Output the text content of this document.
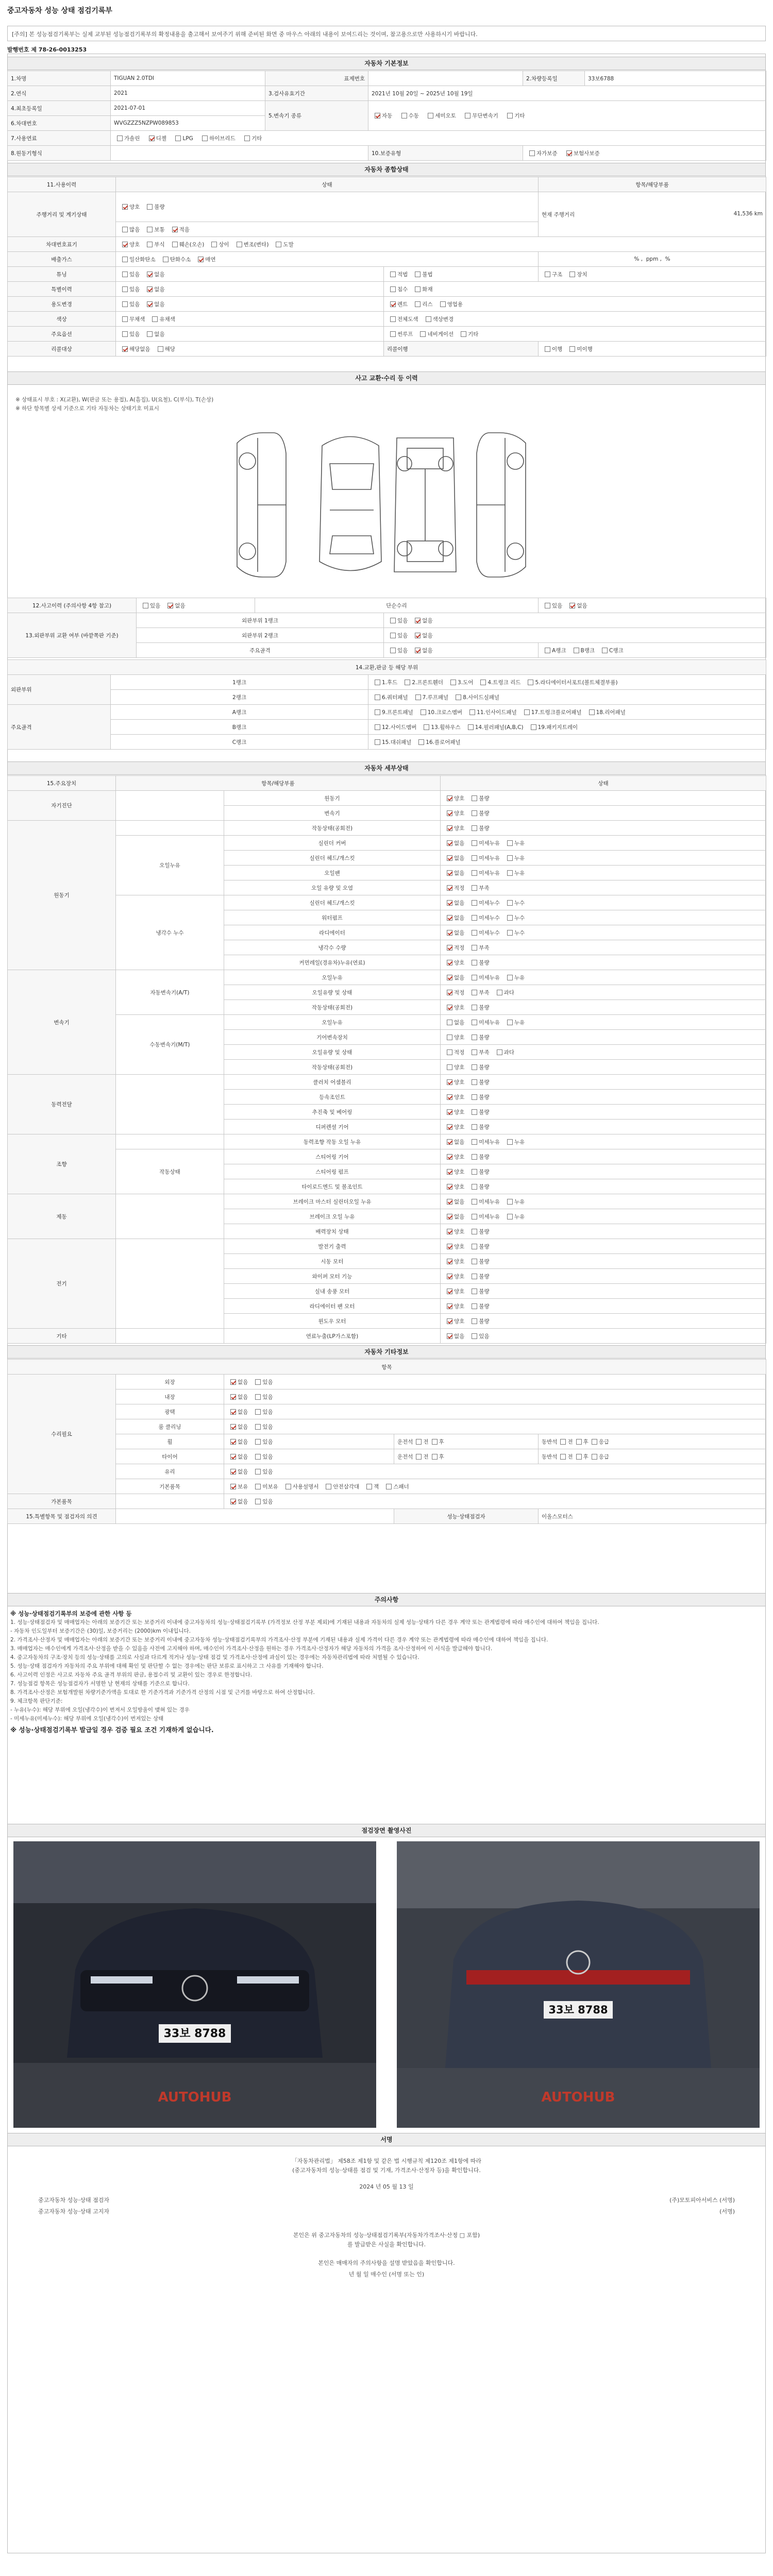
중고자동차 성능 상태 점검기록부
[주의] 본 성능점검기록부는 실제 교부된 성능점검기록부의 확정내용을 출고해서 보여주기 위해 준비된 화면 중 마우스 아래의 내용이 보여드리는 것이며, 참고용으로만 사용하시기 바랍니다.
발행번호 제 78-26-0013253
자동차 기본정보
1.차명	TIGUAN 2.0TDI	표제번호		2.차량등록일	33보6788
2.연식	2021	3.검사유효기간	2021년 10월 20일 ~ 2025년 10월 19일		
4.최초등록일	2021-07-01	5.변속기 종류	자동 수동 세미오토 무단변속기 기타		
6.차대번호	WVGZZZ5NZPW089853				
7.사용연료	가솔린 디젤 LPG 하이브리드 기타				
8.원동기형식			10.보증유형	자가보증 보험사보증	
자동차 종합상태
11.사용이력	상태		항목/해당부품
주행거리 및 계기상태	양호 불량		현재 주행거리 41,536 km

	많음 보통 적음		
차대번호표기	양호 부식 훼손(오손) 상이 변조(변타) 도말		
배출가스	일산화탄소 탄화수소 매연		% ,  ppm ,  %
튜닝	있음 없음	적법 불법	구조 장치
특별이력	있음 없음	침수 화재	
용도변경	있음 없음	렌트 리스 영업용	
색상	무채색 유채색	전체도색 색상변경	
주요옵션	있음 없음	썬루프 네비게이션 기타	
리콜대상	해당없음 해당	리콜이행	이행 미이행
사고 교환·수리 등 이력
※ 상태표시 부호 : X(교환), W(판금 또는 용접), A(흠집), U(요철), C(부식), T(손상)
※ 하단 항목별 상세 기준으로 기타 자동차는 상태기호 미표시
12.사고이력 (주의사항 4항 참고)	있음 없음	단순수리		있음 없음
13.외판부위 교환 여부 (바깥쪽판 기준)	외판부위 1랭크		있음 없음	
	외판부위 2랭크		있음 없음	
	주요골격		있음 없음	A랭크 B랭크 C랭크
14.교환,판금 등 해당 부위		
외판부위	1랭크	1.후드 2.프론트휀더 3.도어 4.트렁크 리드 5.라디에이터서포트(볼트체결부품)
	2랭크	6.쿼터패널 7.루프패널 8.사이드실패널
주요골격	A랭크	9.프론트패널 10.크로스멤버 11.인사이드패널 17.트렁크플로어패널 18.리어패널
	B랭크	12.사이드멤버 13.휠하우스 14.필러패널(A,B,C) 19.패키지트레이
	C랭크	15.대쉬패널 16.플로어패널
자동차 세부상태
15.주요장치	항목/해당부품		상태
자기진단		원동기	양호 불량
		변속기	양호 불량
원동기		작동상태(공회전)	양호 불량
	오일누유	실린더 커버	없음 미세누유 누유
		실린더 헤드/개스킷	없음 미세누유 누유
		오일팬	없음 미세누유 누유
		오일 유량 및 오염	적정 부족
	냉각수 누수	실린더 헤드/개스킷	없음 미세누수 누수
		워터펌프	없음 미세누수 누수
		라디에이터	없음 미세누수 누수
		냉각수 수량	적정 부족
		커먼레일(경유차)누유(연료)	양호 불량
변속기	자동변속기(A/T)	오일누유	없음 미세누유 누유
		오일유량 및 상태	적정 부족 과다
		작동상태(공회전)	양호 불량
	수동변속기(M/T)	오일누유	없음 미세누유 누유
		기어변속장치	양호 불량
		오일유량 및 상태	적정 부족 과다
		작동상태(공회전)	양호 불량
동력전달		클러치 어셈블리	양호 불량
		등속조인트	양호 불량
		추진축 및 베어링	양호 불량
		디퍼렌셜 기어	양호 불량
조향		동력조향 작동 오일 누유	없음 미세누유 누유
	작동상태	스티어링 기어	양호 불량
		스티어링 펌프	양호 불량
		타이로드엔드 및 볼조인트	양호 불량
제동		브레이크 마스터 실린더오일 누유	없음 미세누유 누유
		브레이크 오일 누유	없음 미세누유 누유
		배력장치 상태	양호 불량
전기		발전기 출력	양호 불량
		시동 모터	양호 불량
		와이퍼 모터 기능	양호 불량
		실내 송풍 모터	양호 불량
		라디에이터 팬 모터	양호 불량
		윈도우 모터	양호 불량
기타		연료누출(LP가스포함)	없음 있음
자동차 기타정보
항목				
수리필요	외장	없음 있음		
	내장	없음 있음		
	광택	없음 있음		
	룸 클리닝	없음 있음		
	휠	없음 있음	운전석 전 후	동반석 전 후 응급
	타이어	없음 있음	운전석 전 후	동반석 전 후 응급
	유리	없음 있음		
	기본품목	보유 미보유 사용설명서 안전삼각대 잭 스패너		
가본품목		없음 있음		
15.특별항목 및 점검자의 의견			성능·상태점검자	이올스모터스
주의사항
※ 성능·상태점검기록부의 보증에 관한 사항 등
1. 성능·상태점검자 및 매매업자는 아래의 보증기간 또는 보증거리 이내에 중고자동차의 성능·상태점검기록부 (가격정보 산정 부분 제외)에 기재된 내용과 자동차의 실제 성능·상태가 다른 경우 계약 또는 관계법령에 따라 매수인에 대하여 책임을 집니다.
- 자동차 인도일부터 보증기간은 (30)일, 보증거리는 (2000)km 이내입니다.
2. 가격조사·산정자 및 매매업자는 아래의 보증기간 또는 보증거리 이내에 중고자동차 성능·상태점검기록부의 가격조사·산정 부분에 기재된 내용과 실제 가격이 다른 경우 계약 또는 관계법령에 따라 매수인에 대하여 책임을 집니다.
3. 매매업자는 매수인에게 가격조사·산정을 받을 수 있음을 사전에 고지해야 하며, 매수인이 가격조사·산정을 원하는 경우 가격조사·산정자가 해당 자동차의 가격을 조사·산정하여 이 서식을 발급해야 합니다.
4. 중고자동차의 구조·장치 등의 성능·상태를 고의로 사실과 다르게 적거나 성능·상태 점검 및 가격조사·산정에 과실이 있는 경우에는 자동차관리법에 따라 처벌될 수 있습니다.
5. 성능·상태 점검자가 자동차의 주요 부위에 대해 확인 및 판단할 수 없는 경우에는 판단 보류로 표시하고 그 사유를 기재해야 합니다.
6. 사고이력 인정은 사고로 자동차 주요 골격 부위의 판금, 용접수리 및 교환이 있는 경우로 한정합니다.
7. 성능점검 항목은 성능점검자가 서명한 날 현재의 상태를 기준으로 합니다.
8. 가격조사·산정은 보험개발원 차량기준가액을 토대로 한 기준가격과 기준가격 산정의 시점 및 근거를 바탕으로 하여 산정합니다.
9. 체크항목 판단기준:
- 누유(누수): 해당 부위에 오일(냉각수)이 번져서 오일방울이 맺혀 있는 경우
- 미세누유(미세누수): 해당 부위에 오일(냉각수)이 번져있는 상태
※ 성능·상태점검기록부 발급일 경우 검증 필요 조건 기재하게 없습니다.
점검장면 촬영사진
33보 8788
AUTOHUB
33보 8788
AUTOHUB
서명
「자동차관리법」 제58조 제1항 및 같은 법 시행규칙 제120조 제1항에 따라
(중고자동차의 성능·상태를 점검 및 기재, 가격조사·산정자 등)을 확인합니다.
2024 년 05 월 13 일
중고자동차 성능·상태 점검자	(주)모토피아서비스 (서명)
중고자동차 성능·상태 고지자	(서명)
본인은 위 중고자동차의 성능·상태점검기록부(자동차가격조사·산정 □ 포함)
를 발급받은 사실을 확인합니다.
본인은 매매자의 주의사항을 설명 받았음을 확인합니다.
년 월 일 매수인 (서명 또는 인)
